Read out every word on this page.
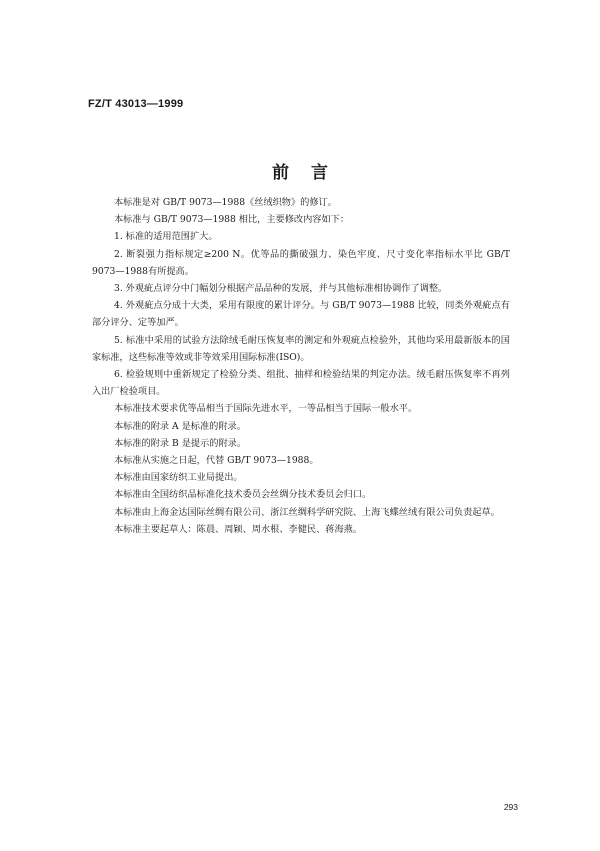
FZ/T 43013—1999
前言

本标准是对 GB/T 9073—1988《丝绒织物》的修订。

本标准与 GB/T 9073—1988 相比，主要修改内容如下：

1. 标准的适用范围扩大。

2. 断裂强力指标规定≥200 N。优等品的撕破强力、染色牢度、尺寸变化率指标水平比 GB/T 9073—1988有所提高。

3. 外观疵点评分中门幅划分根据产品品种的发展，并与其他标准相协调作了调整。

4. 外观疵点分成十大类，采用有限度的累计评分。与 GB/T 9073—1988 比较，同类外观疵点有部分评分、定等加严。

5. 标准中采用的试验方法除绒毛耐压恢复率的测定和外观疵点检验外，其他均采用最新版本的国家标准，这些标准等效或非等效采用国际标准(ISO)。

6. 检验规则中重新规定了检验分类、组批、抽样和检验结果的判定办法。绒毛耐压恢复率不再列入出厂检验项目。

本标准技术要求优等品相当于国际先进水平，一等品相当于国际一般水平。

本标准的附录 A 是标准的附录。

本标准的附录 B 是提示的附录。

本标准从实施之日起，代替 GB/T 9073—1988。

本标准由国家纺织工业局提出。

本标准由全国纺织品标准化技术委员会丝绸分技术委员会归口。

本标准由上海金达国际丝绸有限公司、浙江丝绸科学研究院、上海飞蝶丝绒有限公司负责起草。

本标准主要起草人：陈晨、周颖、周水根、李健民、蒋海燕。

293
